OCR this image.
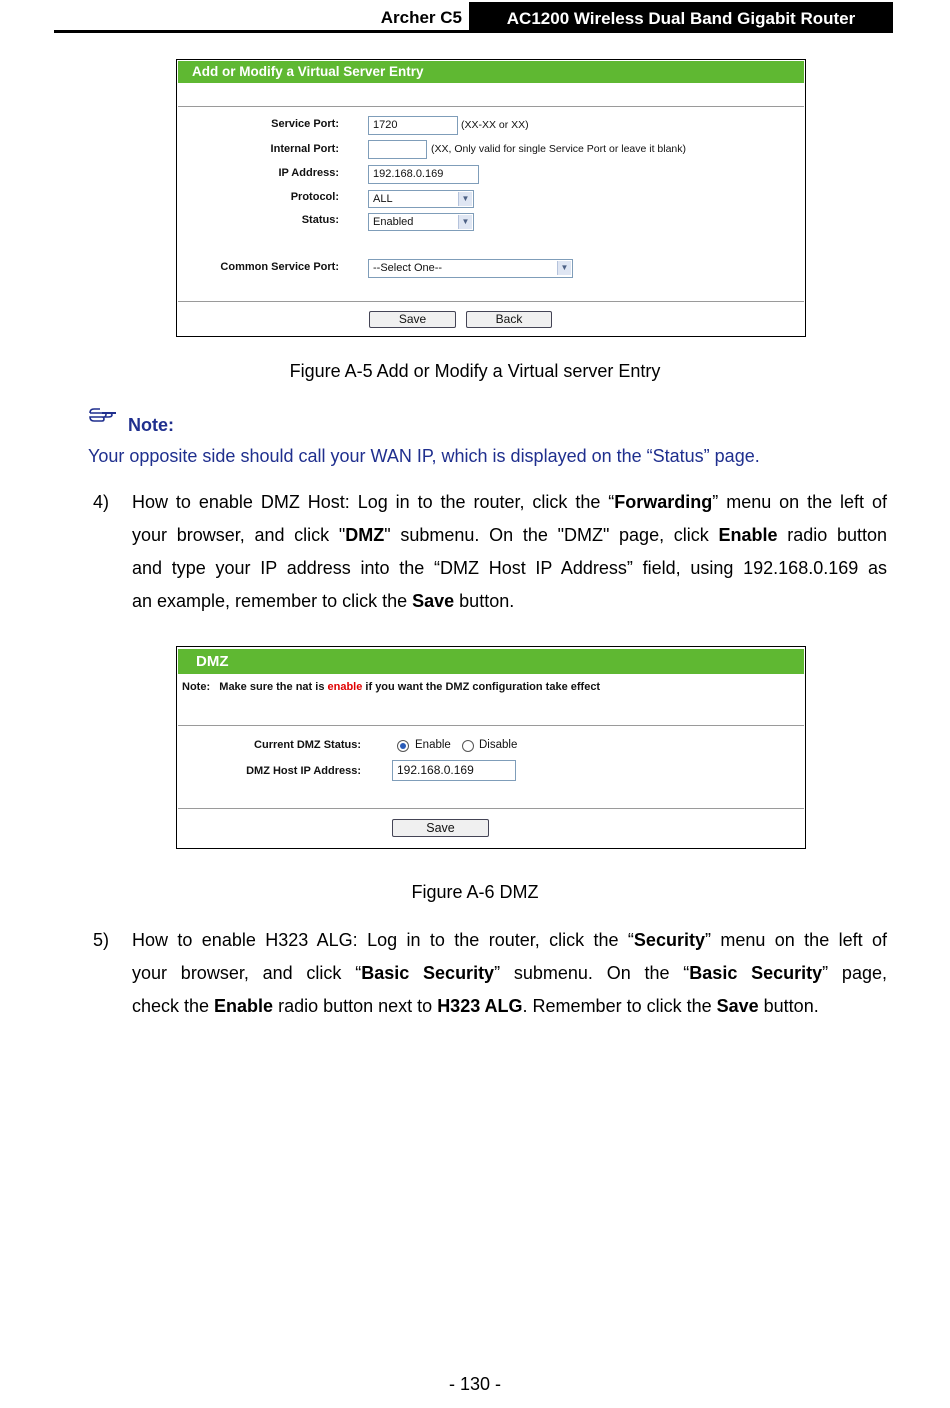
Archer C5	AC1200 Wireless Dual Band Gigabit Router
Add or Modify a Virtual Server Entry
Service Port:	1720	(XX-XX or XX)
Internal Port:	(XX, Only valid for single Service Port or leave it blank)
IP Address:	192.168.0.169
Protocol:	ALL	▼
Status:	Enabled	▼
Common Service Port:	--Select One--	▼
Save	Back
Figure A-5 Add or Modify a Virtual server Entry
Note:
Your opposite side should call your WAN IP, which is displayed on the “Status” page.
4) How to enable DMZ Host: Log in to the router, click the “Forwarding” menu on the left of
your browser, and click "DMZ" submenu. On the "DMZ" page, click Enable radio button
and type your IP address into the “DMZ Host IP Address” field, using 192.168.0.169 as
an example, remember to click the Save button.
DMZ
Note: Make sure the nat is enable if you want the DMZ configuration take effect
Current DMZ Status:	Enable Disable
DMZ Host IP Address:	192.168.0.169
Save
Figure A-6 DMZ
5) How to enable H323 ALG: Log in to the router, click the “Security” menu on the left of
your browser, and click “Basic Security” submenu. On the “Basic Security” page,
check the Enable radio button next to H323 ALG. Remember to click the Save button.
- 130 -
